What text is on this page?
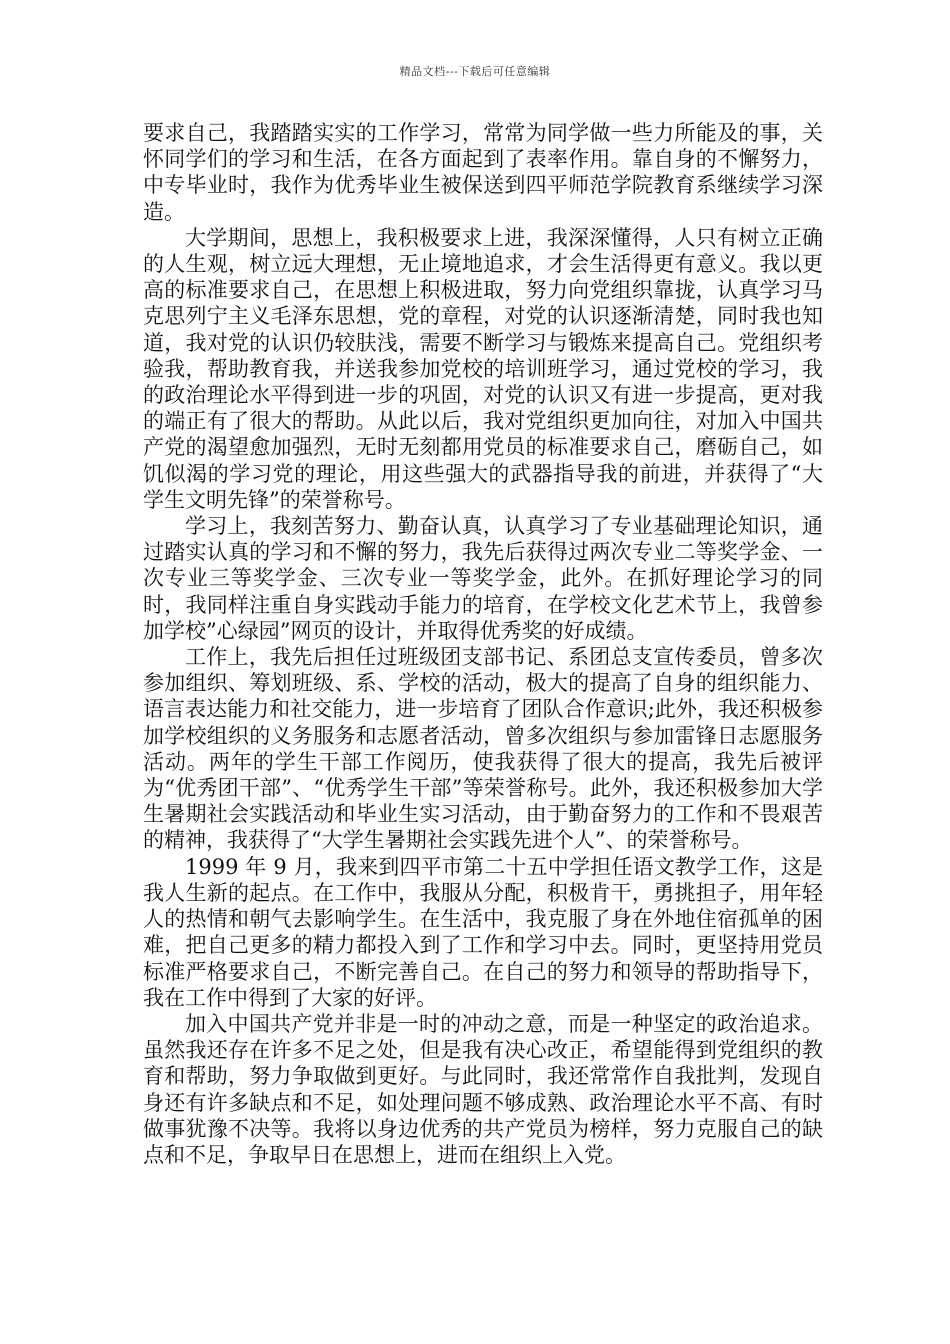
精品文档---下载后可任意编辑

要求自己，我踏踏实实的工作学习，常常为同学做一些力所能及的事，关怀同学们的学习和生活，在各方面起到了表率作用。靠自身的不懈努力，中专毕业时，我作为优秀毕业生被保送到四平师范学院教育系继续学习深造。

大学期间，思想上，我积极要求上进，我深深懂得，人只有树立正确的人生观，树立远大理想，无止境地追求，才会生活得更有意义。我以更高的标准要求自己，在思想上积极进取，努力向党组织靠拢，认真学习马克思列宁主义毛泽东思想，党的章程，对党的认识逐渐清楚，同时我也知道，我对党的认识仍较肤浅，需要不断学习与锻炼来提高自己。党组织考验我，帮助教育我，并送我参加党校的培训班学习，通过党校的学习，我的政治理论水平得到进一步的巩固，对党的认识又有进一步提高，更对我的端正有了很大的帮助。从此以后，我对党组织更加向往，对加入中国共产党的渴望愈加强烈，无时无刻都用党员的标准要求自己，磨砺自己，如饥似渴的学习党的理论，用这些强大的武器指导我的前进，并获得了“大学生文明先锋”的荣誉称号。

学习上，我刻苦努力、勤奋认真，认真学习了专业基础理论知识，通过踏实认真的学习和不懈的努力，我先后获得过两次专业二等奖学金、一次专业三等奖学金、三次专业一等奖学金，此外。在抓好理论学习的同时，我同样注重自身实践动手能力的培育，在学校文化艺术节上，我曾参加学校”心绿园”网页的设计，并取得优秀奖的好成绩。

工作上，我先后担任过班级团支部书记、系团总支宣传委员，曾多次参加组织、筹划班级、系、学校的活动，极大的提高了自身的组织能力、语言表达能力和社交能力，进一步培育了团队合作意识;此外，我还积极参加学校组织的义务服务和志愿者活动，曾多次组织与参加雷锋日志愿服务活动。两年的学生干部工作阅历，使我获得了很大的提高，我先后被评为“优秀团干部”、“优秀学生干部”等荣誉称号。此外，我还积极参加大学生暑期社会实践活动和毕业生实习活动，由于勤奋努力的工作和不畏艰苦的精神，我获得了“大学生暑期社会实践先进个人”、的荣誉称号。

1999 年 9 月，我来到四平市第二十五中学担任语文教学工作，这是我人生新的起点。在工作中，我服从分配，积极肯干，勇挑担子，用年轻人的热情和朝气去影响学生。在生活中，我克服了身在外地住宿孤单的困难，把自己更多的精力都投入到了工作和学习中去。同时，更坚持用党员标准严格要求自己，不断完善自己。在自己的努力和领导的帮助指导下，我在工作中得到了大家的好评。

加入中国共产党并非是一时的冲动之意，而是一种坚定的政治追求。虽然我还存在许多不足之处，但是我有决心改正，希望能得到党组织的教育和帮助，努力争取做到更好。与此同时，我还常常作自我批判，发现自身还有许多缺点和不足，如处理问题不够成熟、政治理论水平不高、有时做事犹豫不决等。我将以身边优秀的共产党员为榜样，努力克服自己的缺点和不足，争取早日在思想上，进而在组织上入党。
